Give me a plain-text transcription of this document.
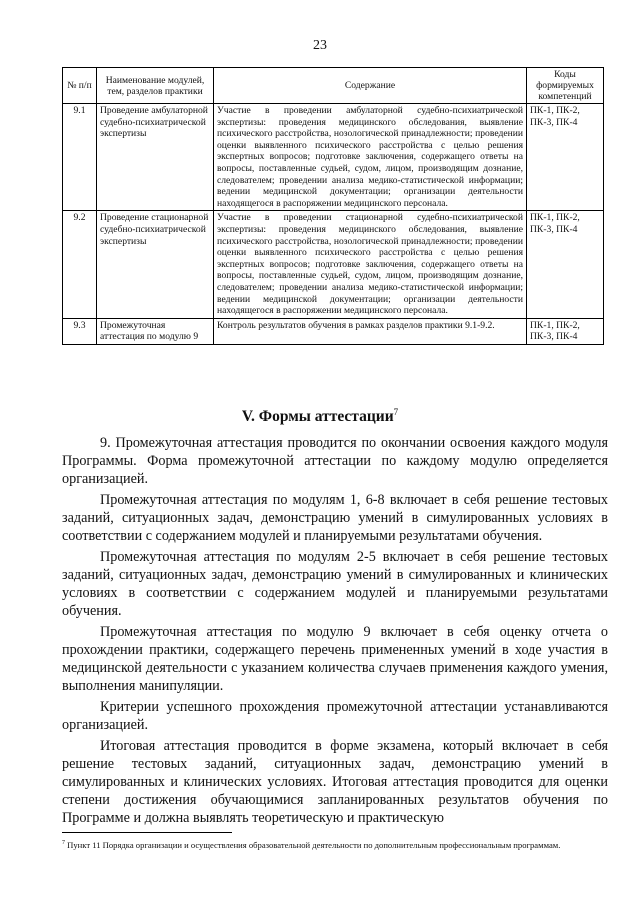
23
№ п/п	Наименование модулей, тем, разделов практики	Содержание	Коды формируемых компетенций
9.1	Проведение амбулаторной судебно-психиатрической экспертизы	Участие в проведении амбулаторной судебно-психиатрической экспертизы: проведения медицинского обследования, выявление психического расстройства, нозологической принадлежности; проведении оценки выявленного психического расстройства с целью решения экспертных вопросов; подготовке заключения, содержащего ответы на вопросы, поставленные судьей, судом, лицом, производящим дознание, следователем; проведении анализа медико-статистической информации; ведении медицинской документации; организации деятельности находящегося в распоряжении медицинского персонала.	ПК-1, ПК-2, ПК-3, ПК-4
9.2	Проведение стационарной судебно-психиатрической экспертизы	Участие в проведении стационарной судебно-психиатрической экспертизы: проведения медицинского обследования, выявление психического расстройства, нозологической принадлежности; проведении оценки выявленного психического расстройства с целью решения экспертных вопросов; подготовке заключения, содержащего ответы на вопросы, поставленные судьей, судом, лицом, производящим дознание, следователем; проведении анализа медико-статистической информации; ведении медицинской документации; организации деятельности находящегося в распоряжении медицинского персонала.	ПК-1, ПК-2, ПК-3, ПК-4
9.3	Промежуточная аттестация по модулю 9	Контроль результатов обучения в рамках разделов практики 9.1-9.2.	ПК-1, ПК-2, ПК-3, ПК-4
V. Формы аттестации$^7$

9. Промежуточная аттестация проводится по окончании освоения каждого модуля Программы. Форма промежуточной аттестации по каждому модулю определяется организацией.

Промежуточная аттестация по модулям 1, 6-8 включает в себя решение тестовых заданий, ситуационных задач, демонстрацию умений в симулированных условиях в соответствии с содержанием модулей и планируемыми результатами обучения.

Промежуточная аттестация по модулям 2-5 включает в себя решение тестовых заданий, ситуационных задач, демонстрацию умений в симулированных и клинических условиях в соответствии с содержанием модулей и планируемыми результатами обучения.

Промежуточная аттестация по модулю 9 включает в себя оценку отчета о прохождении практики, содержащего перечень примененных умений в ходе участия в медицинской деятельности с указанием количества случаев применения каждого умения, выполнения манипуляции.

Критерии успешного прохождения промежуточной аттестации устанавливаются организацией.

Итоговая аттестация проводится в форме экзамена, который включает в себя решение тестовых заданий, ситуационных задач, демонстрацию умений в симулированных и клинических условиях. Итоговая аттестация проводится для оценки степени достижения обучающимися запланированных результатов обучения по Программе и должна выявлять теоретическую и практическую

$^7$ Пункт 11 Порядка организации и осуществления образовательной деятельности по дополнительным профессиональным программам.
